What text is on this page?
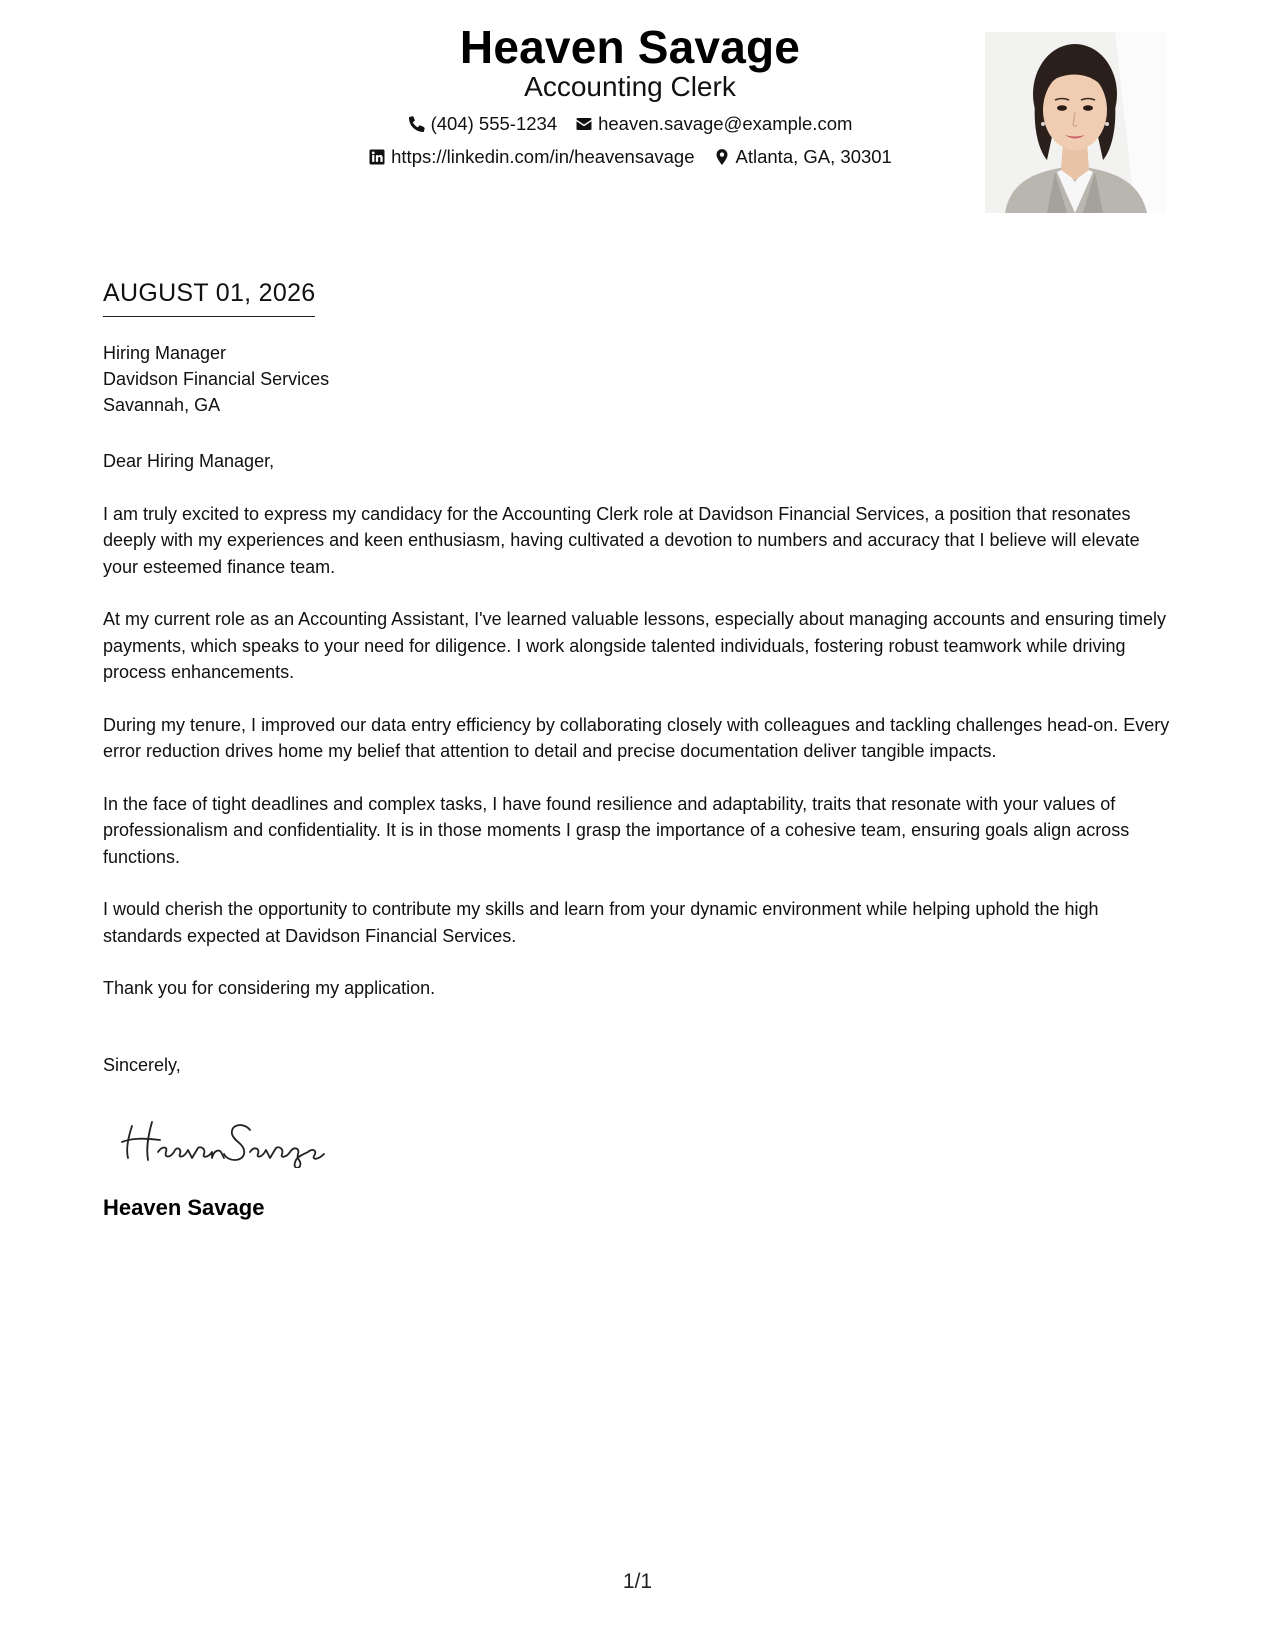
Heaven Savage
Accounting Clerk
(404) 555-1234 heaven.savage@example.com
https://linkedin.com/in/heavensavage Atlanta, GA, 30301
AUGUST 01, 2026
Hiring Manager
Davidson Financial Services
Savannah, GA

Dear Hiring Manager,

I am truly excited to express my candidacy for the Accounting Clerk role at Davidson Financial Services, a position that resonates deeply with my experiences and keen enthusiasm, having cultivated a devotion to numbers and accuracy that I believe will elevate your esteemed finance team.

At my current role as an Accounting Assistant, I've learned valuable lessons, especially about managing accounts and ensuring timely payments, which speaks to your need for diligence. I work alongside talented individuals, fostering robust teamwork while driving process enhancements.

During my tenure, I improved our data entry efficiency by collaborating closely with colleagues and tackling challenges head-on. Every error reduction drives home my belief that attention to detail and precise documentation deliver tangible impacts.

In the face of tight deadlines and complex tasks, I have found resilience and adaptability, traits that resonate with your values of professionalism and confidentiality. It is in those moments I grasp the importance of a cohesive team, ensuring goals align across functions.

I would cherish the opportunity to contribute my skills and learn from your dynamic environment while helping uphold the high standards expected at Davidson Financial Services.

Thank you for considering my application.

Sincerely,
Heaven Savage
1/1
